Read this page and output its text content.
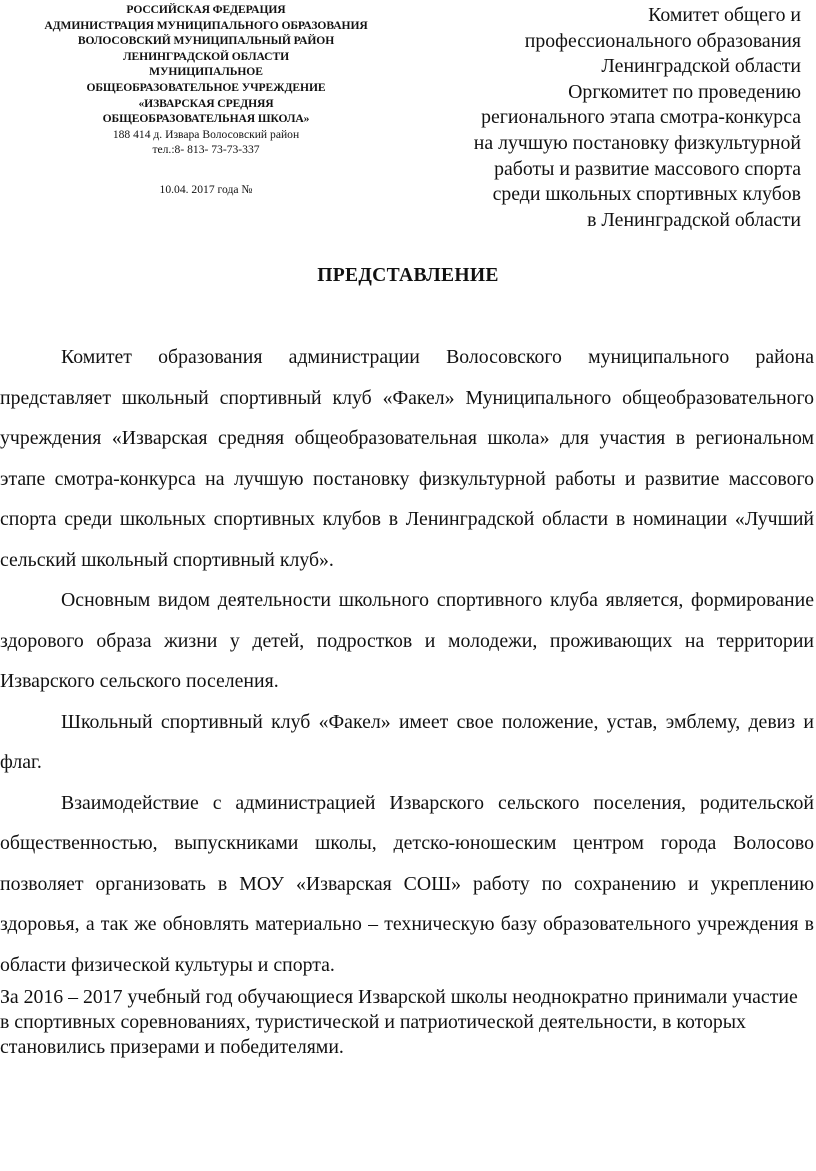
РОССИЙСКАЯ ФЕДЕРАЦИЯ
АДМИНИСТРАЦИЯ МУНИЦИПАЛЬНОГО ОБРАЗОВАНИЯ
ВОЛОСОВСКИЙ МУНИЦИПАЛЬНЫЙ РАЙОН
ЛЕНИНГРАДСКОЙ ОБЛАСТИ
МУНИЦИПАЛЬНОЕ
ОБЩЕОБРАЗОВАТЕЛЬНОЕ УЧРЕЖДЕНИЕ
«ИЗВАРСКАЯ СРЕДНЯЯ
ОБЩЕОБРАЗОВАТЕЛЬНАЯ ШКОЛА»
188 414 д. Извара Волосовский район
тел.:8- 813- 73-73-337
10.04. 2017 года №
Комитет общего и
профессионального образования
Ленинградской области
Оргкомитет по проведению
регионального этапа смотра-конкурса
на лучшую постановку физкультурной
работы и развитие массового спорта
среди школьных спортивных клубов
в Ленинградской области
ПРЕДСТАВЛЕНИЕ

Комитет образования администрации Волосовского муниципального района представляет школьный спортивный клуб «Факел» Муниципального общеобразовательного учреждения «Изварская средняя общеобразовательная школа» для участия в региональном этапе смотра-конкурса на лучшую постановку физкультурной работы и развитие массового спорта среди школьных спортивных клубов в Ленинградской области в номинации «Лучший сельский школьный спортивный клуб».

Основным видом деятельности школьного спортивного клуба является, формирование здорового образа жизни у детей, подростков и молодежи, проживающих на территории Изварского сельского поселения.

Школьный спортивный клуб «Факел» имеет свое положение, устав, эмблему, девиз и флаг.

Взаимодействие с администрацией Изварского сельского поселения, родительской общественностью, выпускниками школы, детско-юношеским центром города Волосово позволяет организовать в МОУ «Изварская СОШ» работу по сохранению и укреплению здоровья, а так же обновлять материально – техническую базу образовательного учреждения в области физической культуры и спорта.

За 2016 – 2017 учебный год обучающиеся Изварской школы неоднократно принимали участие в спортивных соревнованиях, туристической и патриотической деятельности, в которых становились призерами и победителями.
